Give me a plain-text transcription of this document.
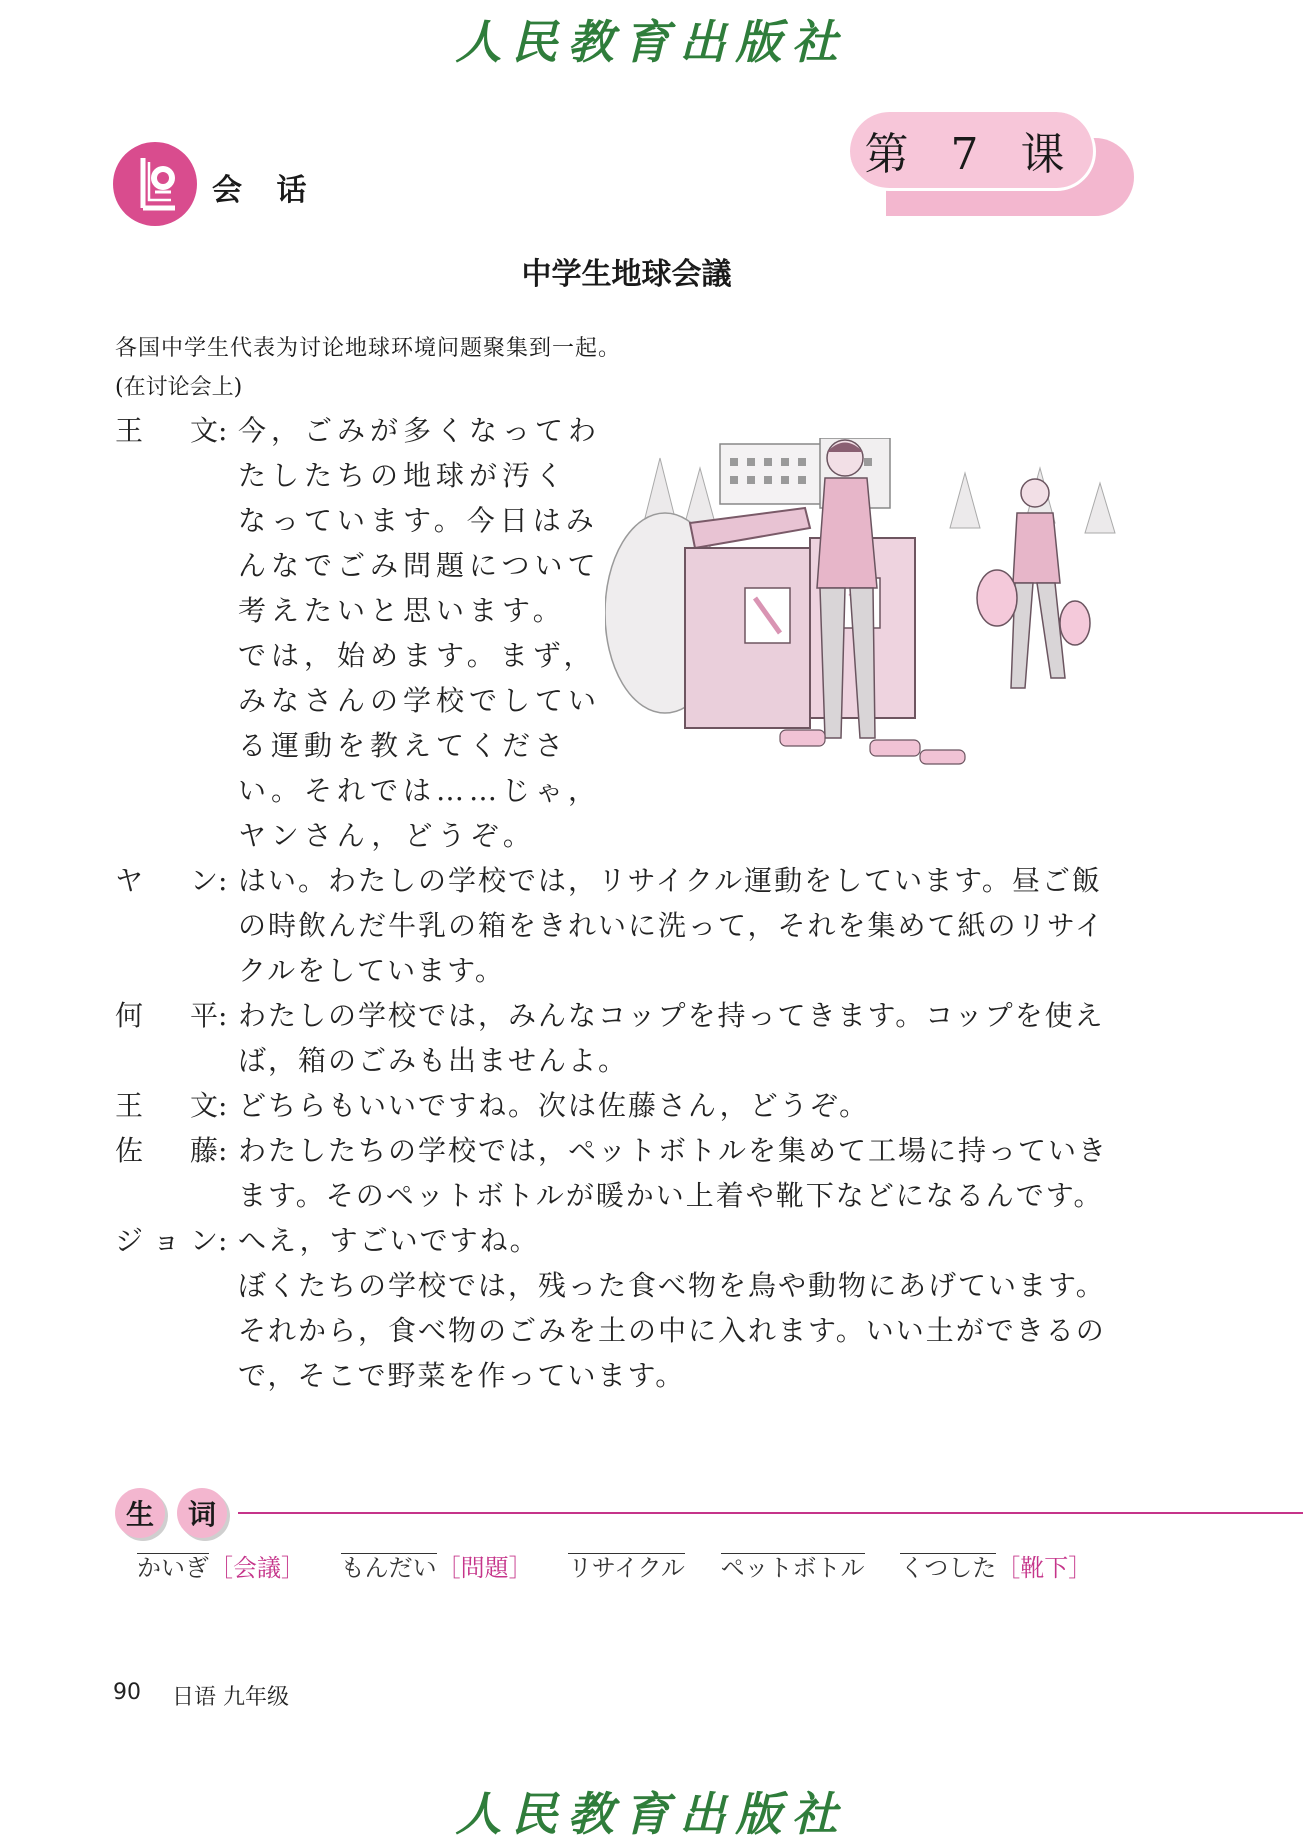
人民教育出版社
第 7 课
会 话
中学生地球会議
各国中学生代表为讨论地球环境问题聚集到一起。
(在讨论会上)
王 文 : 今，ごみが多くなってわ
たしたちの地球が汚く
なっています。今日はみ
んなでごみ問題について
考えたいと思います。
では，始めます。まず，
みなさんの学校でしてい
る運動を教えてくださ
い。それでは……じゃ，
ヤンさん，どうぞ。
ヤ ン : はい。わたしの学校では，リサイクル運動をしています。昼ご飯
の時飲んだ牛乳の箱をきれいに洗って，それを集めて紙のリサイ
クルをしています。
何 平 : わたしの学校では，みんなコップを持ってきます。コップを使え
ば，箱のごみも出ませんよ。
王 文 : どちらもいいですね。次は佐藤さん，どうぞ。
佐 藤 : わたしたちの学校では，ペットボトルを集めて工場に持っていき
ます。そのペットボトルが暖かい上着や靴下などになるんです。
ジョン : へえ，すごいですね。
ぼくたちの学校では，残った食べ物を鳥や動物にあげています。
それから，食べ物のごみを土の中に入れます。いい土ができるの
で，そこで野菜を作っています。
生	词
かいぎ［会議］ もんだい［問題］ リサイクル ペットボトル くつした［靴下］
90 日语 九年级
人民教育出版社
